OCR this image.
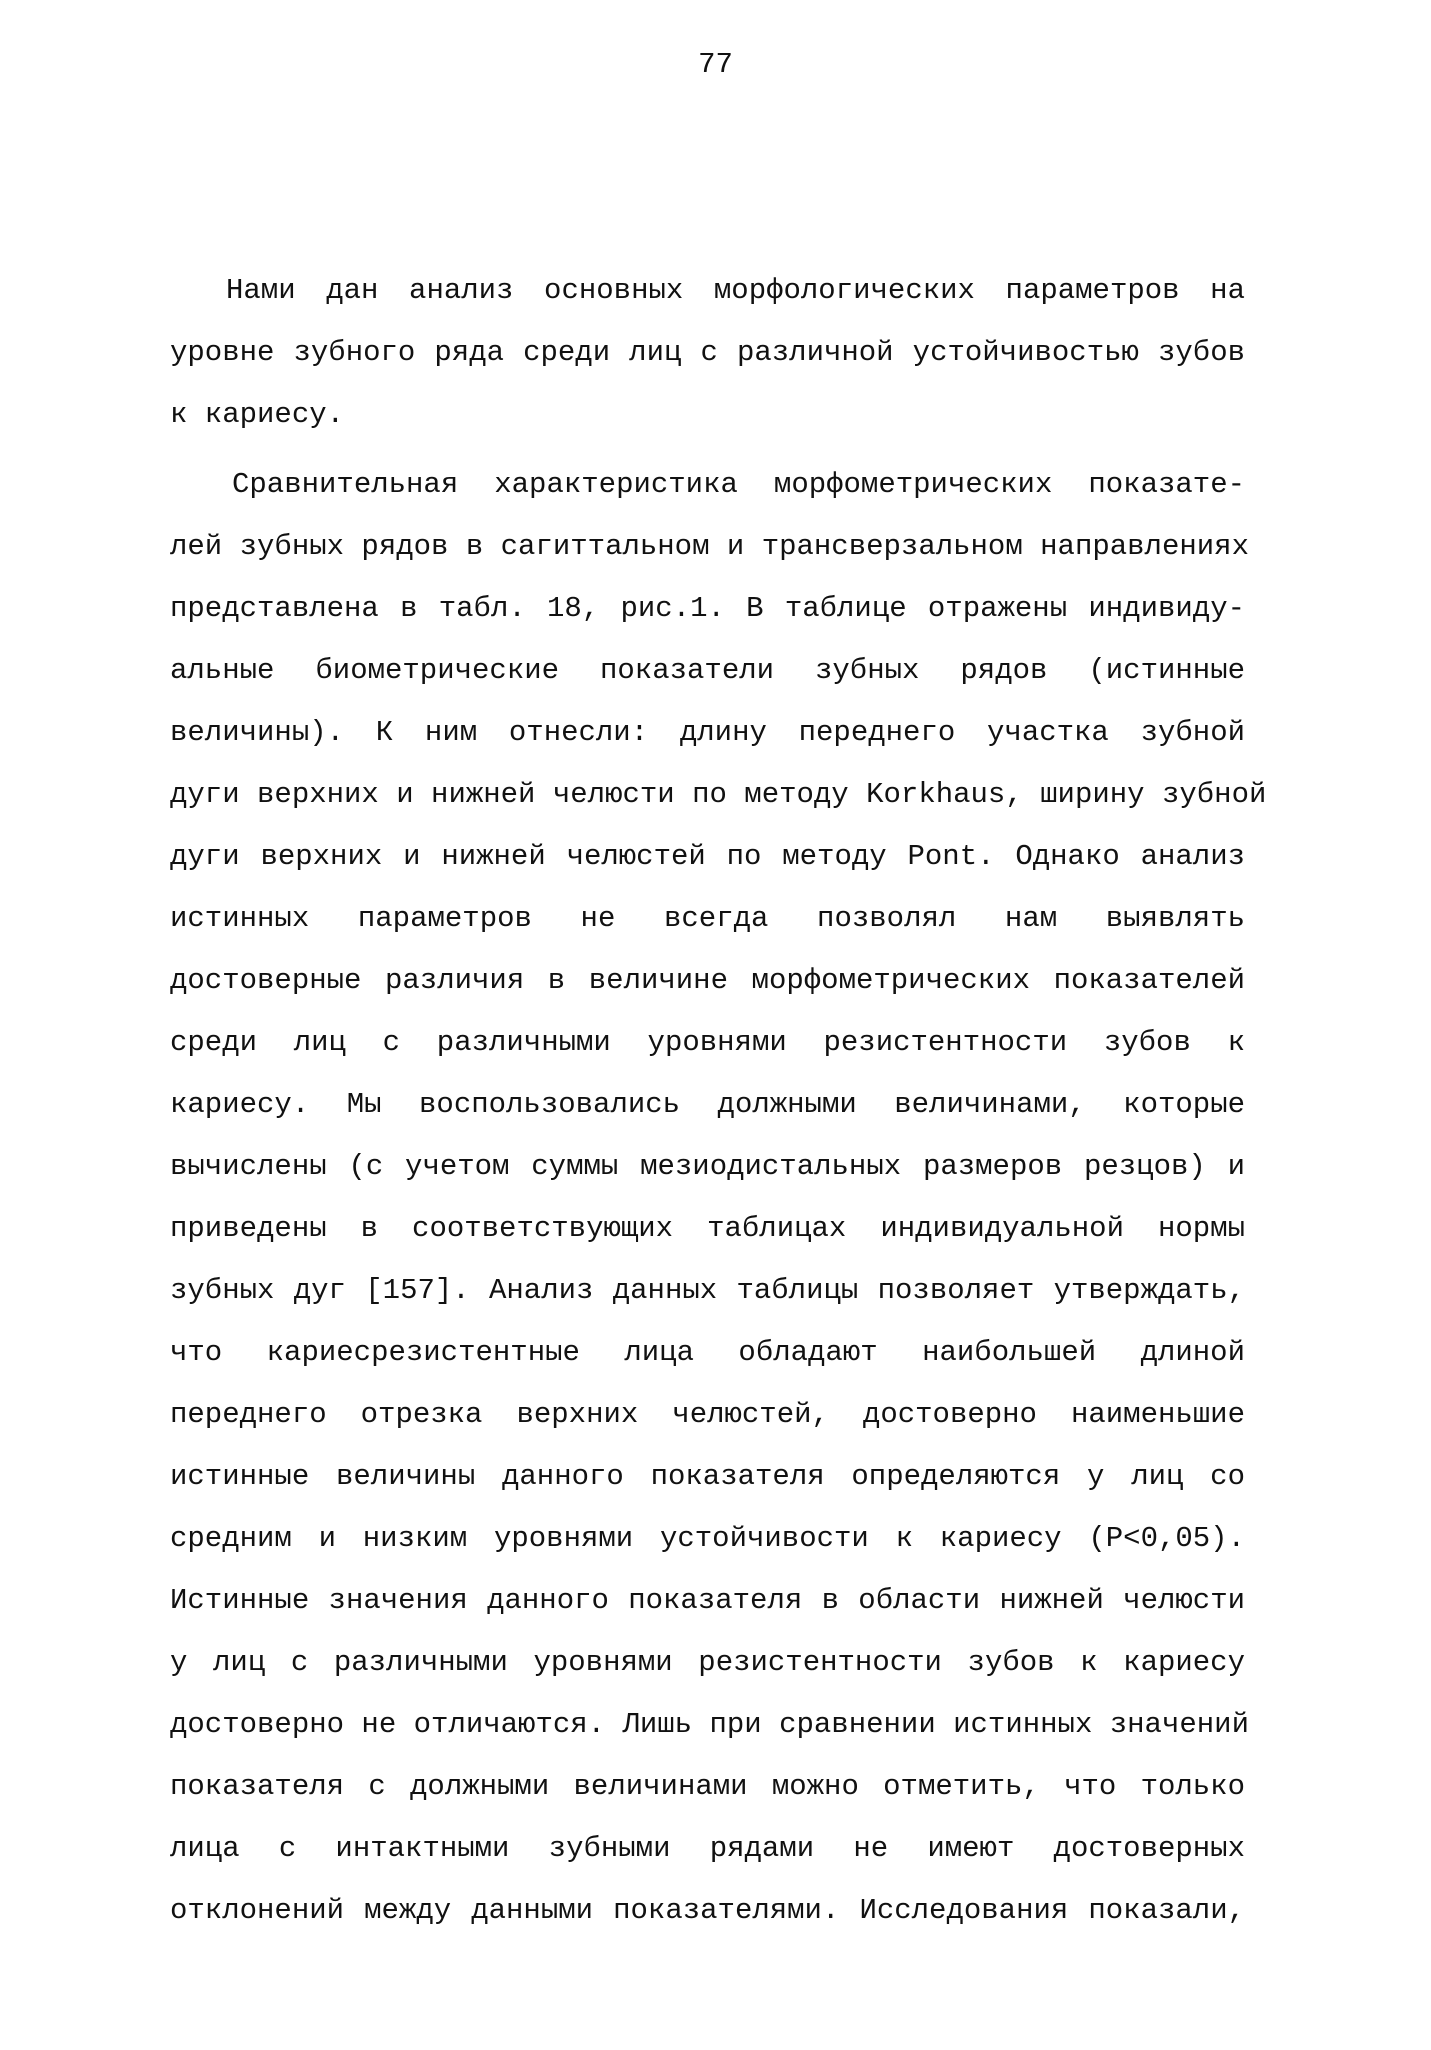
77
Нами дан анализ основных морфологических параметров на
уровне зубного ряда среди лиц с различной устойчивостью зубов
к кариесу.
Сравнительная характеристика морфометрических показате-
лей зубных рядов в сагиттальном и трансверзальном направлениях
представлена в табл. 18, рис.1. В таблице отражены индивиду-
альные биометрические показатели зубных рядов (истинные
величины). К ним отнесли: длину переднего участка зубной
дуги верхних и нижней челюсти по методу Korkhaus, ширину зубной
дуги верхних и нижней челюстей по методу Pont. Однако анализ
истинных параметров не всегда позволял нам выявлять
достоверные различия в величине морфометрических показателей
среди лиц с различными уровнями резистентности зубов к
кариесу. Мы воспользовались должными величинами, которые
вычислены (с учетом суммы мезиодистальных размеров резцов) и
приведены в соответствующих таблицах индивидуальной нормы
зубных дуг [157]. Анализ данных таблицы позволяет утверждать,
что кариесрезистентные лица обладают наибольшей длиной
переднего отрезка верхних челюстей, достоверно наименьшие
истинные величины данного показателя определяются у лиц со
средним и низким уровнями устойчивости к кариесу (P<0,05).
Истинные значения данного показателя в области нижней челюсти
у лиц с различными уровнями резистентности зубов к кариесу
достоверно не отличаются. Лишь при сравнении истинных значений
показателя с должными величинами можно отметить, что только
лица с интактными зубными рядами не имеют достоверных
отклонений между данными показателями. Исследования показали,
